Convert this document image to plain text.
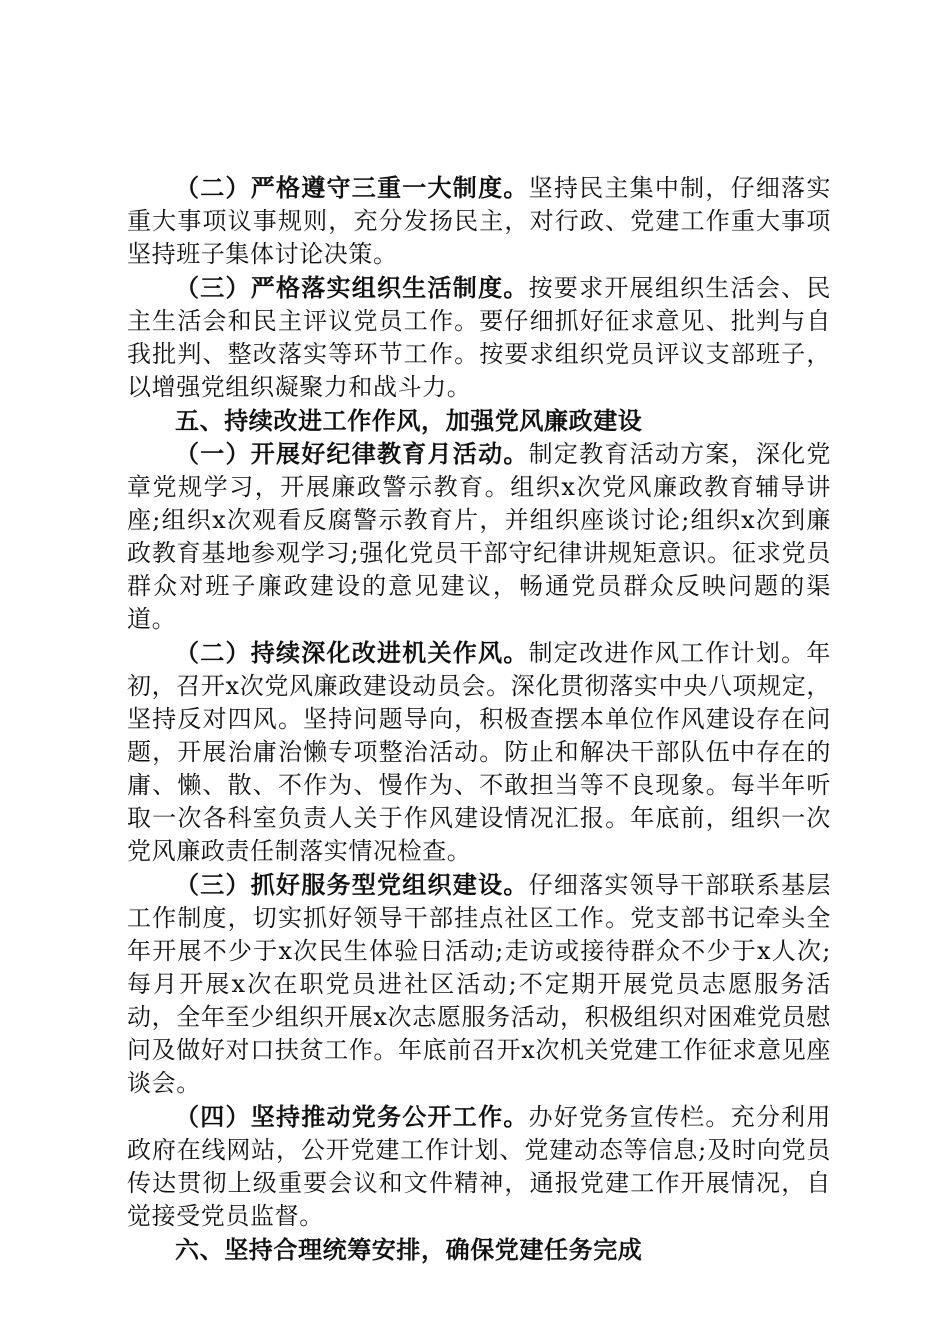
（二）严格遵守三重一大制度。坚持民主集中制，仔细落实重大事项议事规则，充分发扬民主，对行政、党建工作重大事项坚持班子集体讨论决策。

（三）严格落实组织生活制度。按要求开展组织生活会、民主生活会和民主评议党员工作。要仔细抓好征求意见、批判与自我批判、整改落实等环节工作。按要求组织党员评议支部班子，以增强党组织凝聚力和战斗力。

五、持续改进工作作风，加强党风廉政建设

（一）开展好纪律教育月活动。制定教育活动方案，深化党章党规学习，开展廉政警示教育。组织x次党风廉政教育辅导讲座;组织x次观看反腐警示教育片，并组织座谈讨论;组织x次到廉政教育基地参观学习;强化党员干部守纪律讲规矩意识。征求党员群众对班子廉政建设的意见建议，畅通党员群众反映问题的渠道。

（二）持续深化改进机关作风。制定改进作风工作计划。年初，召开x次党风廉政建设动员会。深化贯彻落实中央八项规定，坚持反对四风。坚持问题导向，积极查摆本单位作风建设存在问题，开展治庸治懒专项整治活动。防止和解决干部队伍中存在的庸、懒、散、不作为、慢作为、不敢担当等不良现象。每半年听取一次各科室负责人关于作风建设情况汇报。年底前，组织一次党风廉政责任制落实情况检查。

（三）抓好服务型党组织建设。仔细落实领导干部联系基层工作制度，切实抓好领导干部挂点社区工作。党支部书记牵头全年开展不少于x次民生体验日活动;走访或接待群众不少于x人次;每月开展x次在职党员进社区活动;不定期开展党员志愿服务活动，全年至少组织开展x次志愿服务活动，积极组织对困难党员慰问及做好对口扶贫工作。年底前召开x次机关党建工作征求意见座谈会。

（四）坚持推动党务公开工作。办好党务宣传栏。充分利用政府在线网站，公开党建工作计划、党建动态等信息;及时向党员传达贯彻上级重要会议和文件精神，通报党建工作开展情况，自觉接受党员监督。

六、坚持合理统筹安排，确保党建任务完成
